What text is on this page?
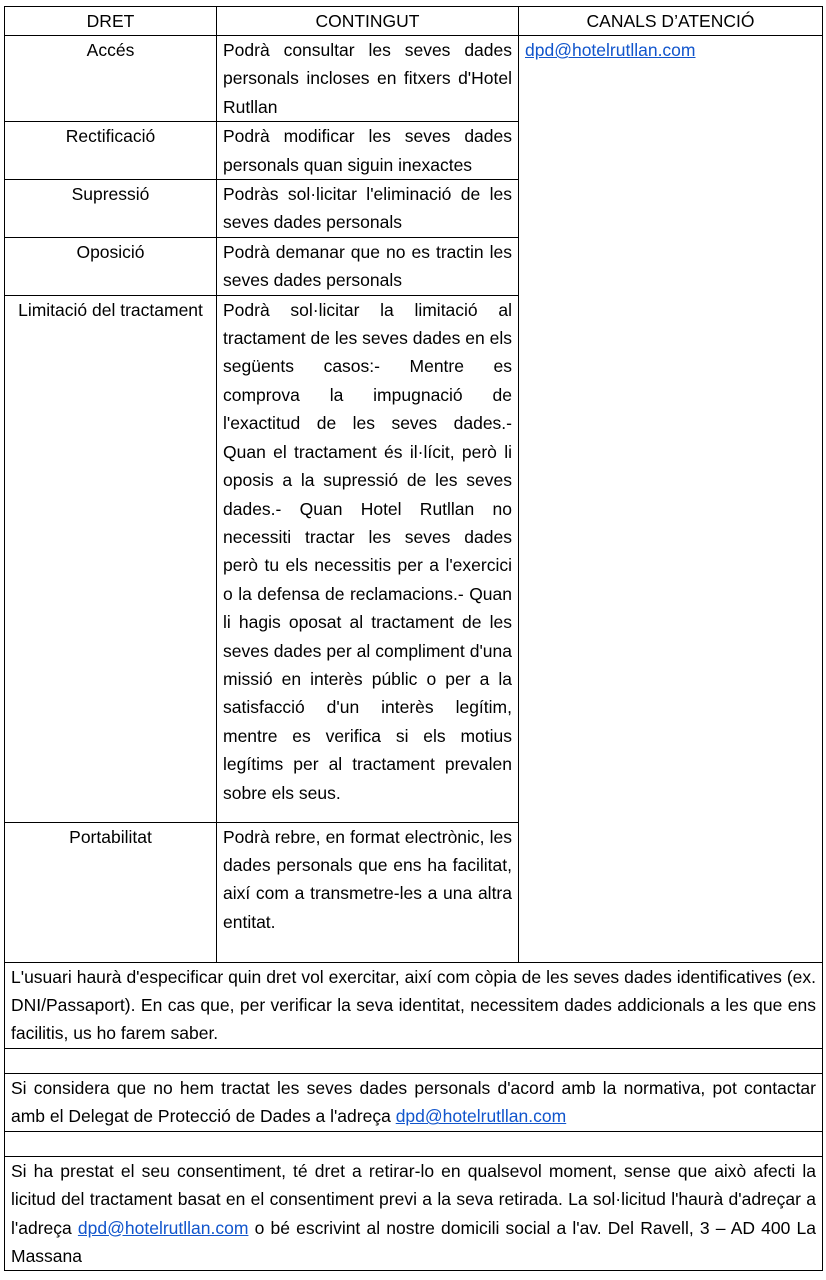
DRET	CONTINGUT	CANALS D’ATENCIÓ
Accés	Podrà consultar les seves dades personals incloses en fitxers d'Hotel Rutllan	dpd@hotelrutllan.com
Rectificació	Podrà modificar les seves dades personals quan siguin inexactes	
Supressió	Podràs sol·licitar l'eliminació de les seves dades personals	
Oposició	Podrà demanar que no es tractin les seves dades personals	
Limitació del tractament	Podrà sol·licitar la limitació al tractament de les seves dades en els següents casos:- Mentre es comprova la impugnació de l'exactitud de les seves dades.- Quan el tractament és il·lícit, però li oposis a la supressió de les seves dades.- Quan Hotel Rutllan no necessiti tractar les seves dades però tu els necessitis per a l'exercici o la defensa de reclamacions.- Quan li hagis oposat al tractament de les seves dades per al compliment d'una missió en interès públic o per a la satisfacció d'un interès legítim, mentre es verifica si els motius legítims per al tractament prevalen sobre els seus.	
Portabilitat	Podrà rebre, en format electrònic, les dades personals que ens ha facilitat, així com a transmetre-les a una altra entitat.	
L'usuari haurà d'especificar quin dret vol exercitar, així com còpia de les seves dades identificatives (ex. DNI/Passaport). En cas que, per verificar la seva identitat, necessitem dades addicionals a les que ens facilitis, us ho farem saber.		

Si considera que no hem tractat les seves dades personals d'acord amb la normativa, pot contactar amb el Delegat de Protecció de Dades a l'adreça dpd@hotelrutllan.com		

Si ha prestat el seu consentiment, té dret a retirar-lo en qualsevol moment, sense que això afecti la licitud del tractament basat en el consentiment previ a la seva retirada. La sol·licitud l'haurà d'adreçar a l'adreça dpd@hotelrutllan.com o bé escrivint al nostre domicili social a l'av. Del Ravell, 3 – AD 400 La Massana		
